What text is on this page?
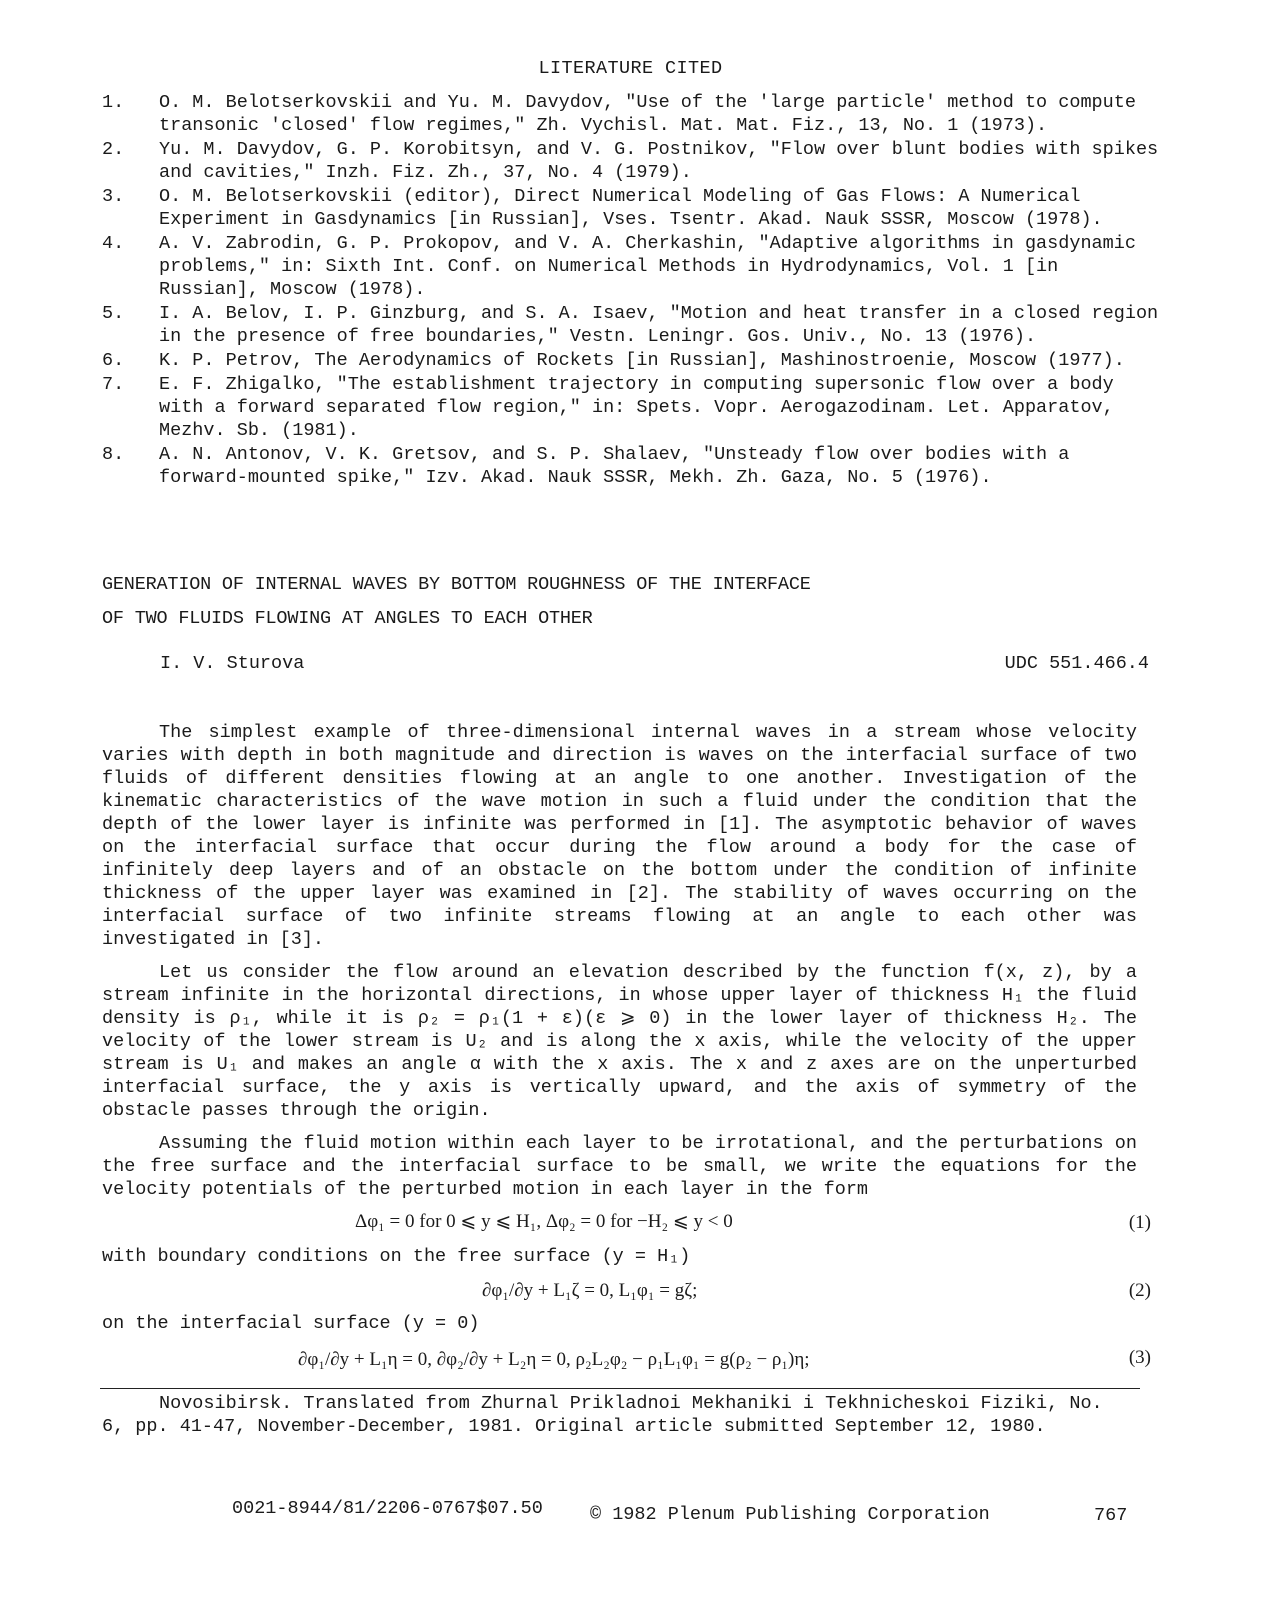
LITERATURE CITED
1.	O. M. Belotserkovskii and Yu. M. Davydov, "Use of the 'large particle' method to compute transonic 'closed' flow regimes," Zh. Vychisl. Mat. Mat. Fiz., 13, No. 1 (1973).
2.	Yu. M. Davydov, G. P. Korobitsyn, and V. G. Postnikov, "Flow over blunt bodies with spikes and cavities," Inzh. Fiz. Zh., 37, No. 4 (1979).
3.	O. M. Belotserkovskii (editor), Direct Numerical Modeling of Gas Flows: A Numerical Experiment in Gasdynamics [in Russian], Vses. Tsentr. Akad. Nauk SSSR, Moscow (1978).
4.	A. V. Zabrodin, G. P. Prokopov, and V. A. Cherkashin, "Adaptive algorithms in gasdynamic problems," in: Sixth Int. Conf. on Numerical Methods in Hydrodynamics, Vol. 1 [in Russian], Moscow (1978).
5.	I. A. Belov, I. P. Ginzburg, and S. A. Isaev, "Motion and heat transfer in a closed region in the presence of free boundaries," Vestn. Leningr. Gos. Univ., No. 13 (1976).
6.	K. P. Petrov, The Aerodynamics of Rockets [in Russian], Mashinostroenie, Moscow (1977).
7.	E. F. Zhigalko, "The establishment trajectory in computing supersonic flow over a body with a forward separated flow region," in: Spets. Vopr. Aerogazodinam. Let. Apparatov, Mezhv. Sb. (1981).
8.	A. N. Antonov, V. K. Gretsov, and S. P. Shalaev, "Unsteady flow over bodies with a forward-mounted spike," Izv. Akad. Nauk SSSR, Mekh. Zh. Gaza, No. 5 (1976).
GENERATION OF INTERNAL WAVES BY BOTTOM ROUGHNESS OF THE INTERFACE
OF TWO FLUIDS FLOWING AT ANGLES TO EACH OTHER
I. V. Sturova	UDC 551.466.4

The simplest example of three-dimensional internal waves in a stream whose velocity varies with depth in both magnitude and direction is waves on the interfacial surface of two fluids of different densities flowing at an angle to one another. Investigation of the kinematic characteristics of the wave motion in such a fluid under the condition that the depth of the lower layer is infinite was performed in [1]. The asymptotic behavior of waves on the interfacial surface that occur during the flow around a body for the case of infinitely deep layers and of an obstacle on the bottom under the condition of infinite thickness of the upper layer was examined in [2]. The stability of waves occurring on the interfacial surface of two infinite streams flowing at an angle to each other was investigated in [3].

Let us consider the flow around an elevation described by the function f(x, z), by a stream infinite in the horizontal directions, in whose upper layer of thickness H₁ the fluid density is ρ₁, while it is ρ₂ = ρ₁(1 + ε)(ε ⩾ 0) in the lower layer of thickness H₂. The velocity of the lower stream is U₂ and is along the x axis, while the velocity of the upper stream is U₁ and makes an angle α with the x axis. The x and z axes are on the unperturbed interfacial surface, the y axis is vertically upward, and the axis of symmetry of the obstacle passes through the origin.

Assuming the fluid motion within each layer to be irrotational, and the perturbations on the free surface and the interfacial surface to be small, we write the equations for the velocity potentials of the perturbed motion in each layer in the form

Δφ₁ = 0 for 0 ⩽ y ⩽ H₁, Δφ₂ = 0 for −H₂ ⩽ y < 0	(1)
with boundary conditions on the free surface (y = H₁)
∂φ₁/∂y + L₁ζ = 0, L₁φ₁ = gζ;	(2)
on the interfacial surface (y = 0)
∂φ₁/∂y + L₁η = 0, ∂φ₂/∂y + L₂η = 0, ρ₂L₂φ₂ − ρ₁L₁φ₁ = g(ρ₂ − ρ₁)η;	(3)

Novosibirsk. Translated from Zhurnal Prikladnoi Mekhaniki i Tekhnicheskoi Fiziki, No. 6, pp. 41-47, November-December, 1981. Original article submitted September 12, 1980.

0021-8944/81/2206-0767$07.50	© 1982 Plenum Publishing Corporation	767
